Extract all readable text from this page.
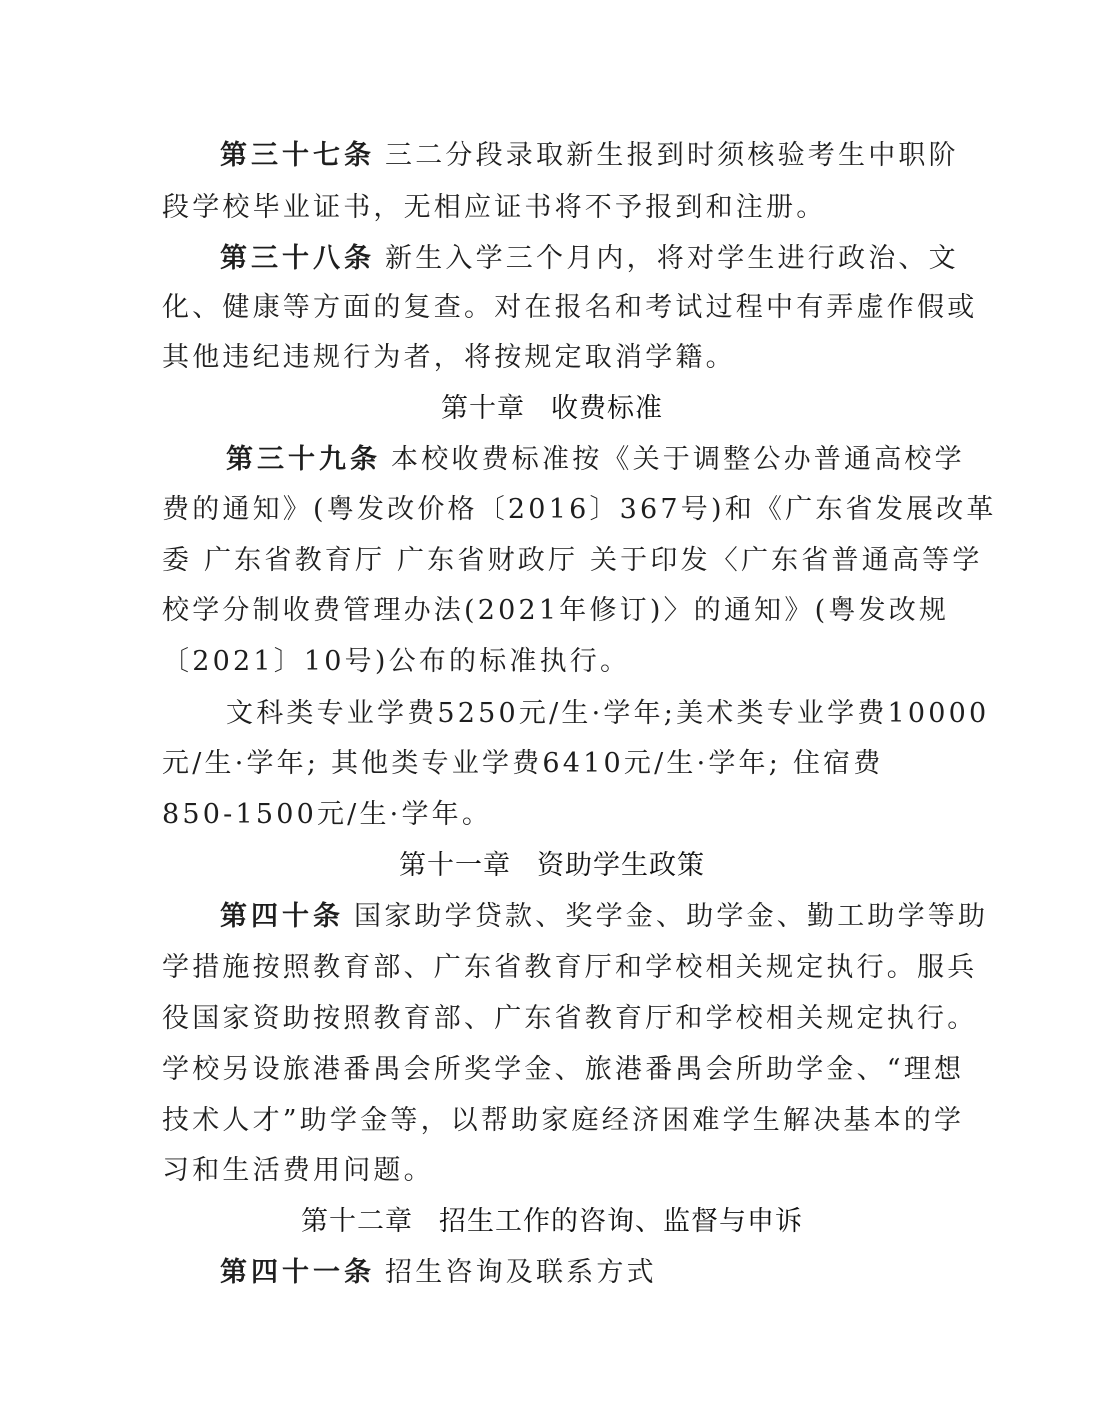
第三十七条 三二分段录取新生报到时须核验考生中职阶
段学校毕业证书，无相应证书将不予报到和注册。
第三十八条 新生入学三个月内，将对学生进行政治、文
化、健康等方面的复查。对在报名和考试过程中有弄虚作假或
其他违纪违规行为者，将按规定取消学籍。
第十章 收费标准
第三十九条 本校收费标准按《关于调整公办普通高校学
费的通知》(粤发改价格〔2016〕367号)和《广东省发展改革
委 广东省教育厅 广东省财政厅 关于印发〈广东省普通高等学
校学分制收费管理办法(2021年修订)〉的通知》(粤发改规
〔2021〕10号)公布的标准执行。
文科类专业学费5250元/生·学年;美术类专业学费10000
元/生·学年; 其他类专业学费6410元/生·学年; 住宿费
850-1500元/生·学年。
第十一章 资助学生政策
第四十条 国家助学贷款、奖学金、助学金、勤工助学等助
学措施按照教育部、广东省教育厅和学校相关规定执行。服兵
役国家资助按照教育部、广东省教育厅和学校相关规定执行。
学校另设旅港番禺会所奖学金、旅港番禺会所助学金、“理想
技术人才”助学金等，以帮助家庭经济困难学生解决基本的学
习和生活费用问题。
第十二章 招生工作的咨询、监督与申诉
第四十一条 招生咨询及联系方式
